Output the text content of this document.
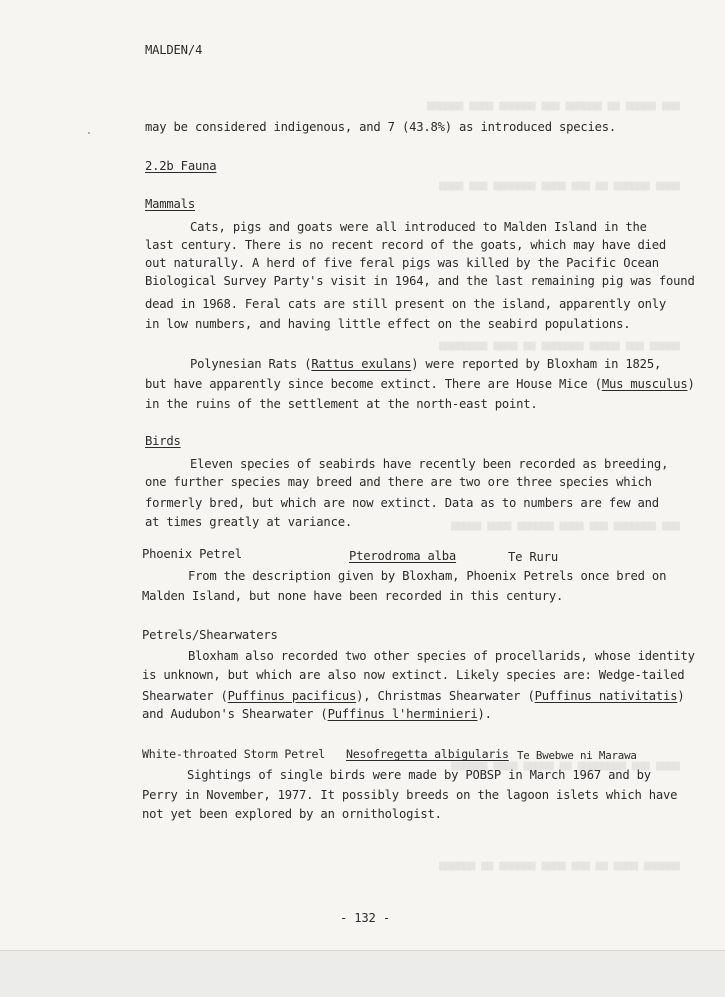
▆▆▆ ▆▆▆▆▆ ▆▆ ▆▆▆▆▆▆ ▆▆▆ ▆▆▆▆▆▆ ▆▆▆▆ ▆▆▆▆▆▆
▆▆▆▆ ▆▆▆▆▆▆ ▆▆ ▆▆▆ ▆▆▆▆ ▆▆▆▆▆▆▆ ▆▆▆ ▆▆▆▆
▆▆▆▆▆ ▆▆▆ ▆▆▆▆▆ ▆▆▆▆▆▆▆ ▆▆ ▆▆▆▆ ▆▆▆▆▆▆▆▆
▆▆▆ ▆▆▆▆▆▆▆ ▆▆▆ ▆▆▆▆ ▆▆▆▆▆▆ ▆▆▆▆ ▆▆▆▆▆
▆▆▆▆ ▆▆▆ ▆▆▆▆▆▆▆▆ ▆▆ ▆▆▆▆▆ ▆▆▆▆ ▆▆▆▆▆▆
▆▆▆▆▆▆ ▆▆▆▆ ▆▆ ▆▆▆ ▆▆▆▆ ▆▆▆▆▆▆ ▆▆ ▆▆▆▆▆▆
MALDEN/4
may be considered indigenous, and 7 (43.8%) as introduced species.
2.2b Fauna
Mammals
Cats, pigs and goats were all introduced to Malden Island in the
last century. There is no recent record of the goats, which may have died
out naturally. A herd of five feral pigs was killed by the Pacific Ocean
Biological Survey Party's visit in 1964, and the last remaining pig was found
dead in 1968. Feral cats are still present on the island, apparently only
in low numbers, and having little effect on the seabird populations.
Polynesian Rats (Rattus exulans) were reported by Bloxham in 1825,
but have apparently since become extinct. There are House Mice (Mus musculus)
in the ruins of the settlement at the north-east point.
Birds
Eleven species of seabirds have recently been recorded as breeding,
one further species may breed and there are two ore three species which
formerly bred, but which are now extinct. Data as to numbers are few and
at times greatly at variance.
Phoenix Petrel	Pterodroma alba	Te Ruru
From the description given by Bloxham, Phoenix Petrels once bred on
Malden Island, but none have been recorded in this century.
Petrels/Shearwaters
Bloxham also recorded two other species of procellarids, whose identity
is unknown, but which are also now extinct. Likely species are: Wedge-tailed
Shearwater (Puffinus pacificus), Christmas Shearwater (Puffinus nativitatis)
and Audubon's Shearwater (Puffinus l'herminieri).
White-throated Storm Petrel Nesofregetta albigularis Te Bwebwe ni Marawa
Sightings of single birds were made by POBSP in March 1967 and by
Perry in November, 1977. It possibly breeds on the lagoon islets which have
not yet been explored by an ornithologist.
- 132 -
